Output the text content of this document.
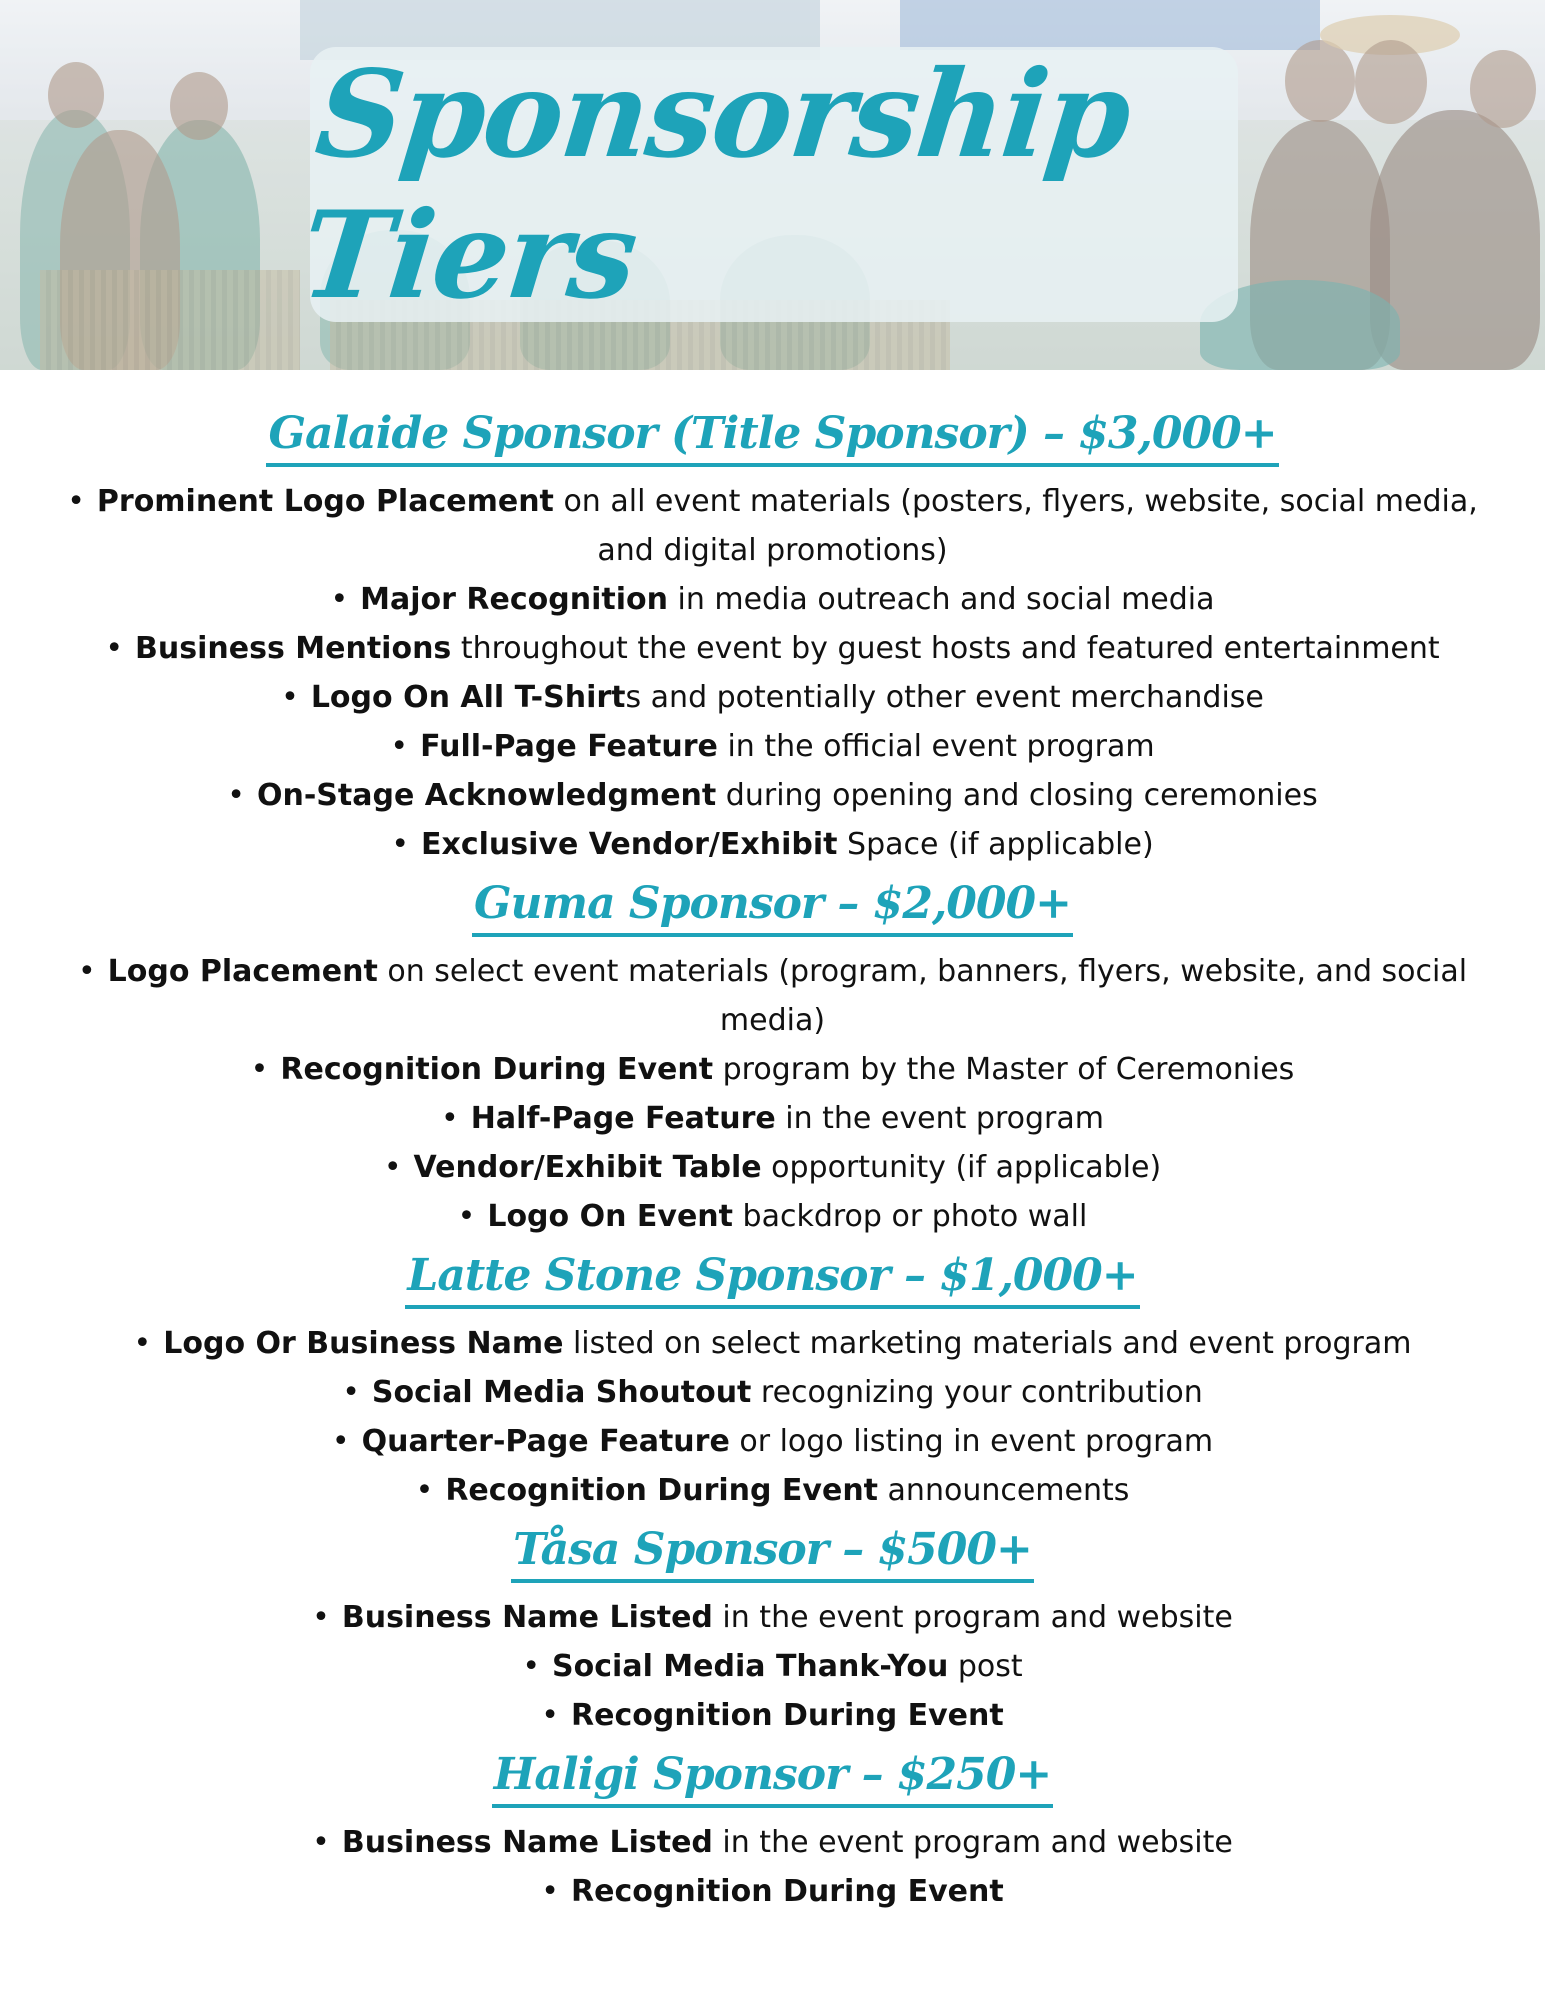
Sponsorship Tiers
Galaide Sponsor (Title Sponsor) – $3,000+
• Prominent Logo Placement on all event materials (posters, flyers, website, social media, and digital promotions)
• Major Recognition in media outreach and social media
• Business Mentions throughout the event by guest hosts and featured entertainment
• Logo On All T-Shirts and potentially other event merchandise
• Full-Page Feature in the official event program
• On-Stage Acknowledgment during opening and closing ceremonies
• Exclusive Vendor/Exhibit Space (if applicable)
Guma Sponsor – $2,000+
• Logo Placement on select event materials (program, banners, flyers, website, and social media)
• Recognition During Event program by the Master of Ceremonies
• Half-Page Feature in the event program
• Vendor/Exhibit Table opportunity (if applicable)
• Logo On Event backdrop or photo wall
Latte Stone Sponsor – $1,000+
• Logo Or Business Name listed on select marketing materials and event program
• Social Media Shoutout recognizing your contribution
• Quarter-Page Feature or logo listing in event program
• Recognition During Event announcements
Tåsa Sponsor – $500+
• Business Name Listed in the event program and website
• Social Media Thank-You post
• Recognition During Event
Haligi Sponsor – $250+
• Business Name Listed in the event program and website
• Recognition During Event
